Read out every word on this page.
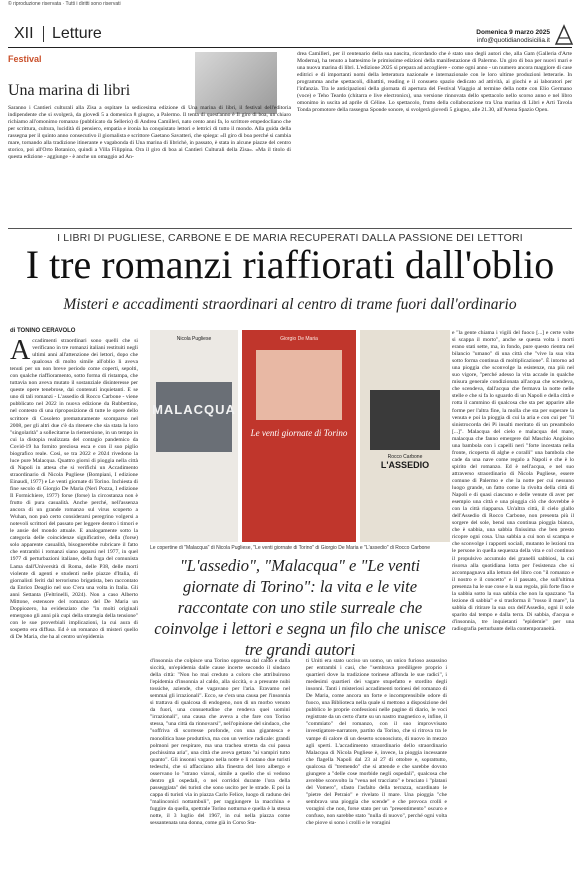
© riproduzione riservata · Tutti i diritti sono riservati
XII Letture	Domenica 9 marzo 2025
info@quotidianodisicilia.it
Festival
Una marina di libri
Saranno i Cantieri culturali alla Zisa a ospitare la sedicesima edizione di Una marina di libri, il festival dell'editoria indipendente che si svolgerà, da giovedì 5 a domenica 8 giugno, a Palermo. Il tema di quest'anno è Il giro di boa, un chiaro richiamo all'omonimo romanzo (pubblicato da Sellerio) di Andrea Camilleri, nato cento anni fa, lo scrittore empedocliano che per scrittura, cultura, lucidità di pensiero, empatia e ironia ha conquistato lettori e lettrici di tutto il mondo. Alla guida della rassegna per il quinto anno consecutivo il giornalista e scrittore Gaetano Savatteri, che spiega: «Il giro di boa perché si cambia mare, tornando alla tradizione itinerante e vagabonda di Una marina di librichè, in passato, è stata in alcune piazze del centro storico, poi all'Orto Botanico, quindi a Villa Filippina. Ora il giro di boa ai Cantieri Culturali della Zisa». «Ma il titolo di questa edizione - aggiunge - è anche un omaggio ad An-
drea Camilleri, per il centenario della sua nascita, ricordando che è stato uno degli autori che, alla Gam (Galleria d'Arte Moderna), ha tenuto a battesimo le primissime edizioni della manifestazione di Palermo. Un giro di boa per nuovi mari e una nuova marina di libri. L'edizione 2025 si prepara ad accogliere - come ogni anno - un numero ancora maggiore di case editrici e di importanti nomi della letteratura nazionale e internazionale con le loro ultime produzioni letterarie. In programma anche spettacoli, dibattiti, reading e il consueto spazio dedicato ad attività, ai giochi e ai laboratori per l'infanzia. Tra le anticipazioni della giornata di apertura del Festival Viaggio al termine della notte con Elio Germano (voce) e Teho Teardo (chitarra e live electronics), una versione rinnovata dello spettacolo nello scorso anno e nel libro omonimo in uscita ad aprile di Céline. Lo spettacolo, frutto della collaborazione tra Una marina di Libri e Arti Tavola Tonda promotore della rassegna Sponde sonore, si svolgerà giovedì 5 giugno, alle 21.30, all'Arena Spazio Open.
I LIBRI DI PUGLIESE, CARBONE E DE MARIA RECUPERATI DALLA PASSIONE DEI LETTORI
I tre romanzi riaffiorati dall'oblio
Misteri e accadimenti straordinari al centro di trame fuori dall'ordinario
di TONINO CERAVOLO
Accadimenti straordinari sono quelli che si verificano in tre romanzi italiani restituiti negli ultimi anni all'attenzione dei lettori, dopo che qualcosa di molto simile all'oblio li aveva tenuti per un non breve periodo come coperti, sepolti, con qualche riaffioramento, sotto forma di ristampa, che tuttavia non aveva mutato il sostanziale disinteresse per queste opere tenebrose, dai contenuti inquietanti. E se uno di tali romanzi - L'assedio di Rocco Carbone - viene pubblicato nel 2022 in nuova edizione da Rubbettino, nel contesto di una riproposizione di tutte le opere dello scrittore di Cosoleto prematuramente scomparso nel 2008, per gli altri due c'è da ritenere che sia stata la loro "singolarità" a sollecitarne la riemersione, in un tempo in cui la distopia realizzata del contagio pandemico da Covid-19 ha fornito preziosa esca e con il suo piglio biografico reale. Così, se tra 2022 e 2024 rivedono la luce pure Malacqua. Quattro giorni di pioggia nella città di Napoli in attesa che si verifichi un Accadimento straordinario di Nicola Pugliese (Bompiani, I edizione Einaudi, 1977) e Le venti giornate di Torino. Inchiesta di fine secolo di Giorgio De Maria (Nerì Pozza, I edizione Il Formichiere, 1977) forse (forse) la circostanza non è frutto di pura casualità. Anche perché, nell'assenza ancora di un grande romanzo sul virus scoperto a Wuhan, non può certo considerarsi peregrino volgersi a notevoli scrittori del passato per leggere dentro i timori e le ansie del mondo attuale. E analogamente sotto la categoria delle coincidenze significative, della (forse) solo apparente casualità, bisognerebbe rubricare il fatto che entrambi i romanzi siano apparsi nel 1977, in quel 1977 di perturbazioni italiane, della fuga del comunista Lama dall'Università di Roma, delle P38, delle morti violente di agenti e studenti nelle piazze d'Italia, di giornalisti feriti dal terrorismo brigatista, ben raccontato da Enrico Deaglio nel suo C'era una volta in Italia. Gli anni Settanta (Feltrinelli, 2024). Non a caso Alberto Mittone, estensore del romanzo del De Maria un Doppiozero, ha evidenziato che "in molti originali emergono gli anni più cupi della strategia della tensione" con le sue proverbiali implicazioni, la cui aura di sospetto era diffusa. Ed è un romanzo di misteri quello di De Maria, che ha al centro un'epidemia
Nicola Pugliese
MALACQUA
Giorgio De Maria
Le venti giornate di Torino
Rocco Carbone
L'ASSEDIO
Le copertine di "Malacqua" di Nicola Pugliese, "Le venti giornate di Torino" di Giorgio De Maria e "L'assedio" di Rocco Carbone
"L'assedio", "Malacqua" e "Le venti giornate di Torino": la vita e le vite raccontate con uno stile surreale che coinvolge i lettori e segna un filo che unisce tre grandi autori
d'insonnia che colpisce una Torino oppressa dal caldo e dalla siccità, un'epidemia dalle cause incerte secondo il sindaco della città: "Non ho mai creduto a coloro che attribuirono l'epidemia d'insonnia al caldo, alla siccità, o a presunte nubi tossiche, aziende, che vagavano per l'aria. Eravamo nel semmai gli irrazionali". Ecco, se c'era una causa per l'insonnia si trattava di qualcosa di endogeno, non di un morbo venuto da fuori, una consuetudine che rendeva quei uomini "irrazionali", una causa che aveva a che fare con Torino stessa, "una città da rinnovarsi", nell'opinione del sindaco, che "soffriva di scorresse profonde, con una gigantesca e monolitica base produttiva, ma con un vertice radicale: grandi polmoni per respirare, ma una trachea stretta da cui passa pochissima aria", una città che aveva gettato "ai vampiri tutto quanto". Gli insonni vagano nella notte e li notano due turisti tedeschi, che si affacciano alla finestra del loro albergo e osservano lo "strano viavai, simile a quello che si vedono dentro gli ospedali, o nei corridoi durante l'ora della passeggiata" dei turisti che sono uscito per le strade. E poi la cappa di turisti via in piazza Carlo Felice, luogo di raduno dei "malinconici nottambuli", per raggiungere la macchina e fuggire da quella, spettrale Torino notturna e quella è la stessa notte, il 3 luglio del 1967, in cui nella piazza come sessantenata una donna, come già in Corso Sta-
ti Uniti era stato ucciso un uomo, un unico furioso assassino per entrambi i casi, che "sembrava prediligere proprio i quartieri dove la tradizione torinese affonda le sue radici", i medesimi quartieri dei vagare stupefatto e stordito degli insonni. Tanti i misteriosi accadimenti torinesi del romanzo di De Maria, come ancora un forte e incomprensibile odore di fuoco, una Biblioteca nella quale si mettono a disposizione del pubblico le proprie confessioni nelle pagine di diario, le voci registrate da un certo d'arte su un nastro magnetico e, infine, il "commiato" del romanzo, con il suo improvvisato investigatore-narratore, partito da Torino, che si ritrova tra le vampe di calore di un deserto sconosciuto, di nuovo in mezzo agli sperti. L'accadimento straordinario dello straordinario Malacqua di Nicola Pugliese è, invece, la pioggia incessante che flagella Napoli dal 23 al 27 di ottobre e, soprattutto, qualcosa di "tremendo" che si attende e che sarebbe dovuto giungere a "delle cose morbide negli ospedali", qualcosa che avrebbe sconvolto la "vena nel tracciato" e bruciato i "platani del Vomero", sfasto l'asfalto della terrazza, scardinato le "pietre del Petraio" e rivelato il mare. Una pioggia "che sembrava una pioggia che scende" e che provoca crolli e voragini che non, forse stato per un "presentimento" oscuro e confuso, non sarebbe stato "nulla di nuovo", perché ogni volta che piove si sono i crolli e le voragini
e "la gente chiama i vigili del fuoco [...] e certe volte si scappa il morto", anche se questa volta i morti erano stati sette, ma, in fondo, pure questo rientra nel bilancio "umano" di una città che "vive la sua vita sotto forma continua di moltiplicazione". È intorno ad una pioggia che sconvolge la esistenze, ma più nel suo vigore, "perché adesso la vita accade in qualche misura generale condizionata all'acqua che scendeva, che scendeva, dall'acqua che fermava la notte nelle stelle e che si fa lo sguardo di un Napoli e della città e rotta il cammino di qualcosa che sta per apparire alle forme per l'altra fine, la molla che sta per superare la venuta e poi la pioggia di cui la aria e con cui per "il sinistrocorda dei Pi insalti meritato di un preambolo [...]". Malacqua del cielo e malacqua del mare, malacqua che fanno emergere dal Maschio Angioino una bambola con i capelli neri "forte incestata nella fronte, ricoperta di alghe e coralli" una bambola che cade da una nave come regalo a Napoli e che è lo spirito del romanzo. Ed è nell'acqua, e nel suo attraverso straordinario di Nicola Pugliese, essere comune di Palermo e che la notte per cui nessuno luogo grande, un fatto come la rivolta della città di Napoli e di quasi ciascuno e delle venute di aver per esempio una città e una pioggia ciò che dovrebbe è con la città riapparsa. Un'altra città, il cielo giallo dell'Assedio di Rocco Carbone, non presenta più il sorgere del sole, bensì una continua pioggia bianca, che è sabbia, una sabbia finissima che ben presto ricopre ogni cosa. Una sabbia a cui non si scampa e che sconvolge i rapporti sociali, mutanto le lezioni tra le persone in quella sequenza della vita e col continuo il propulsivo accumulo dei granelli sabbiosi, la cui risorsa alla quotidiana lotta per l'esistenza che si accompagnava alla lettura del libro con "il romanzo e il nostro e il concetto" e il passato, che sull'ultima presenza ha le sue cose e la sua regola, più forte fino e la sabbia sotto la sua sabbia che non la spazzano "la lezione di sabbia" e si trasforma il "rosso il mare", la sabbia di ritirare la sua ora dell'Assedio, ogni il sole sparito dal tempo e dalla terra. Di sabbia, d'acqua e d'insonnia, tre inquietanti "epidemie" per una radiografia perturbante della contemporaneità.
